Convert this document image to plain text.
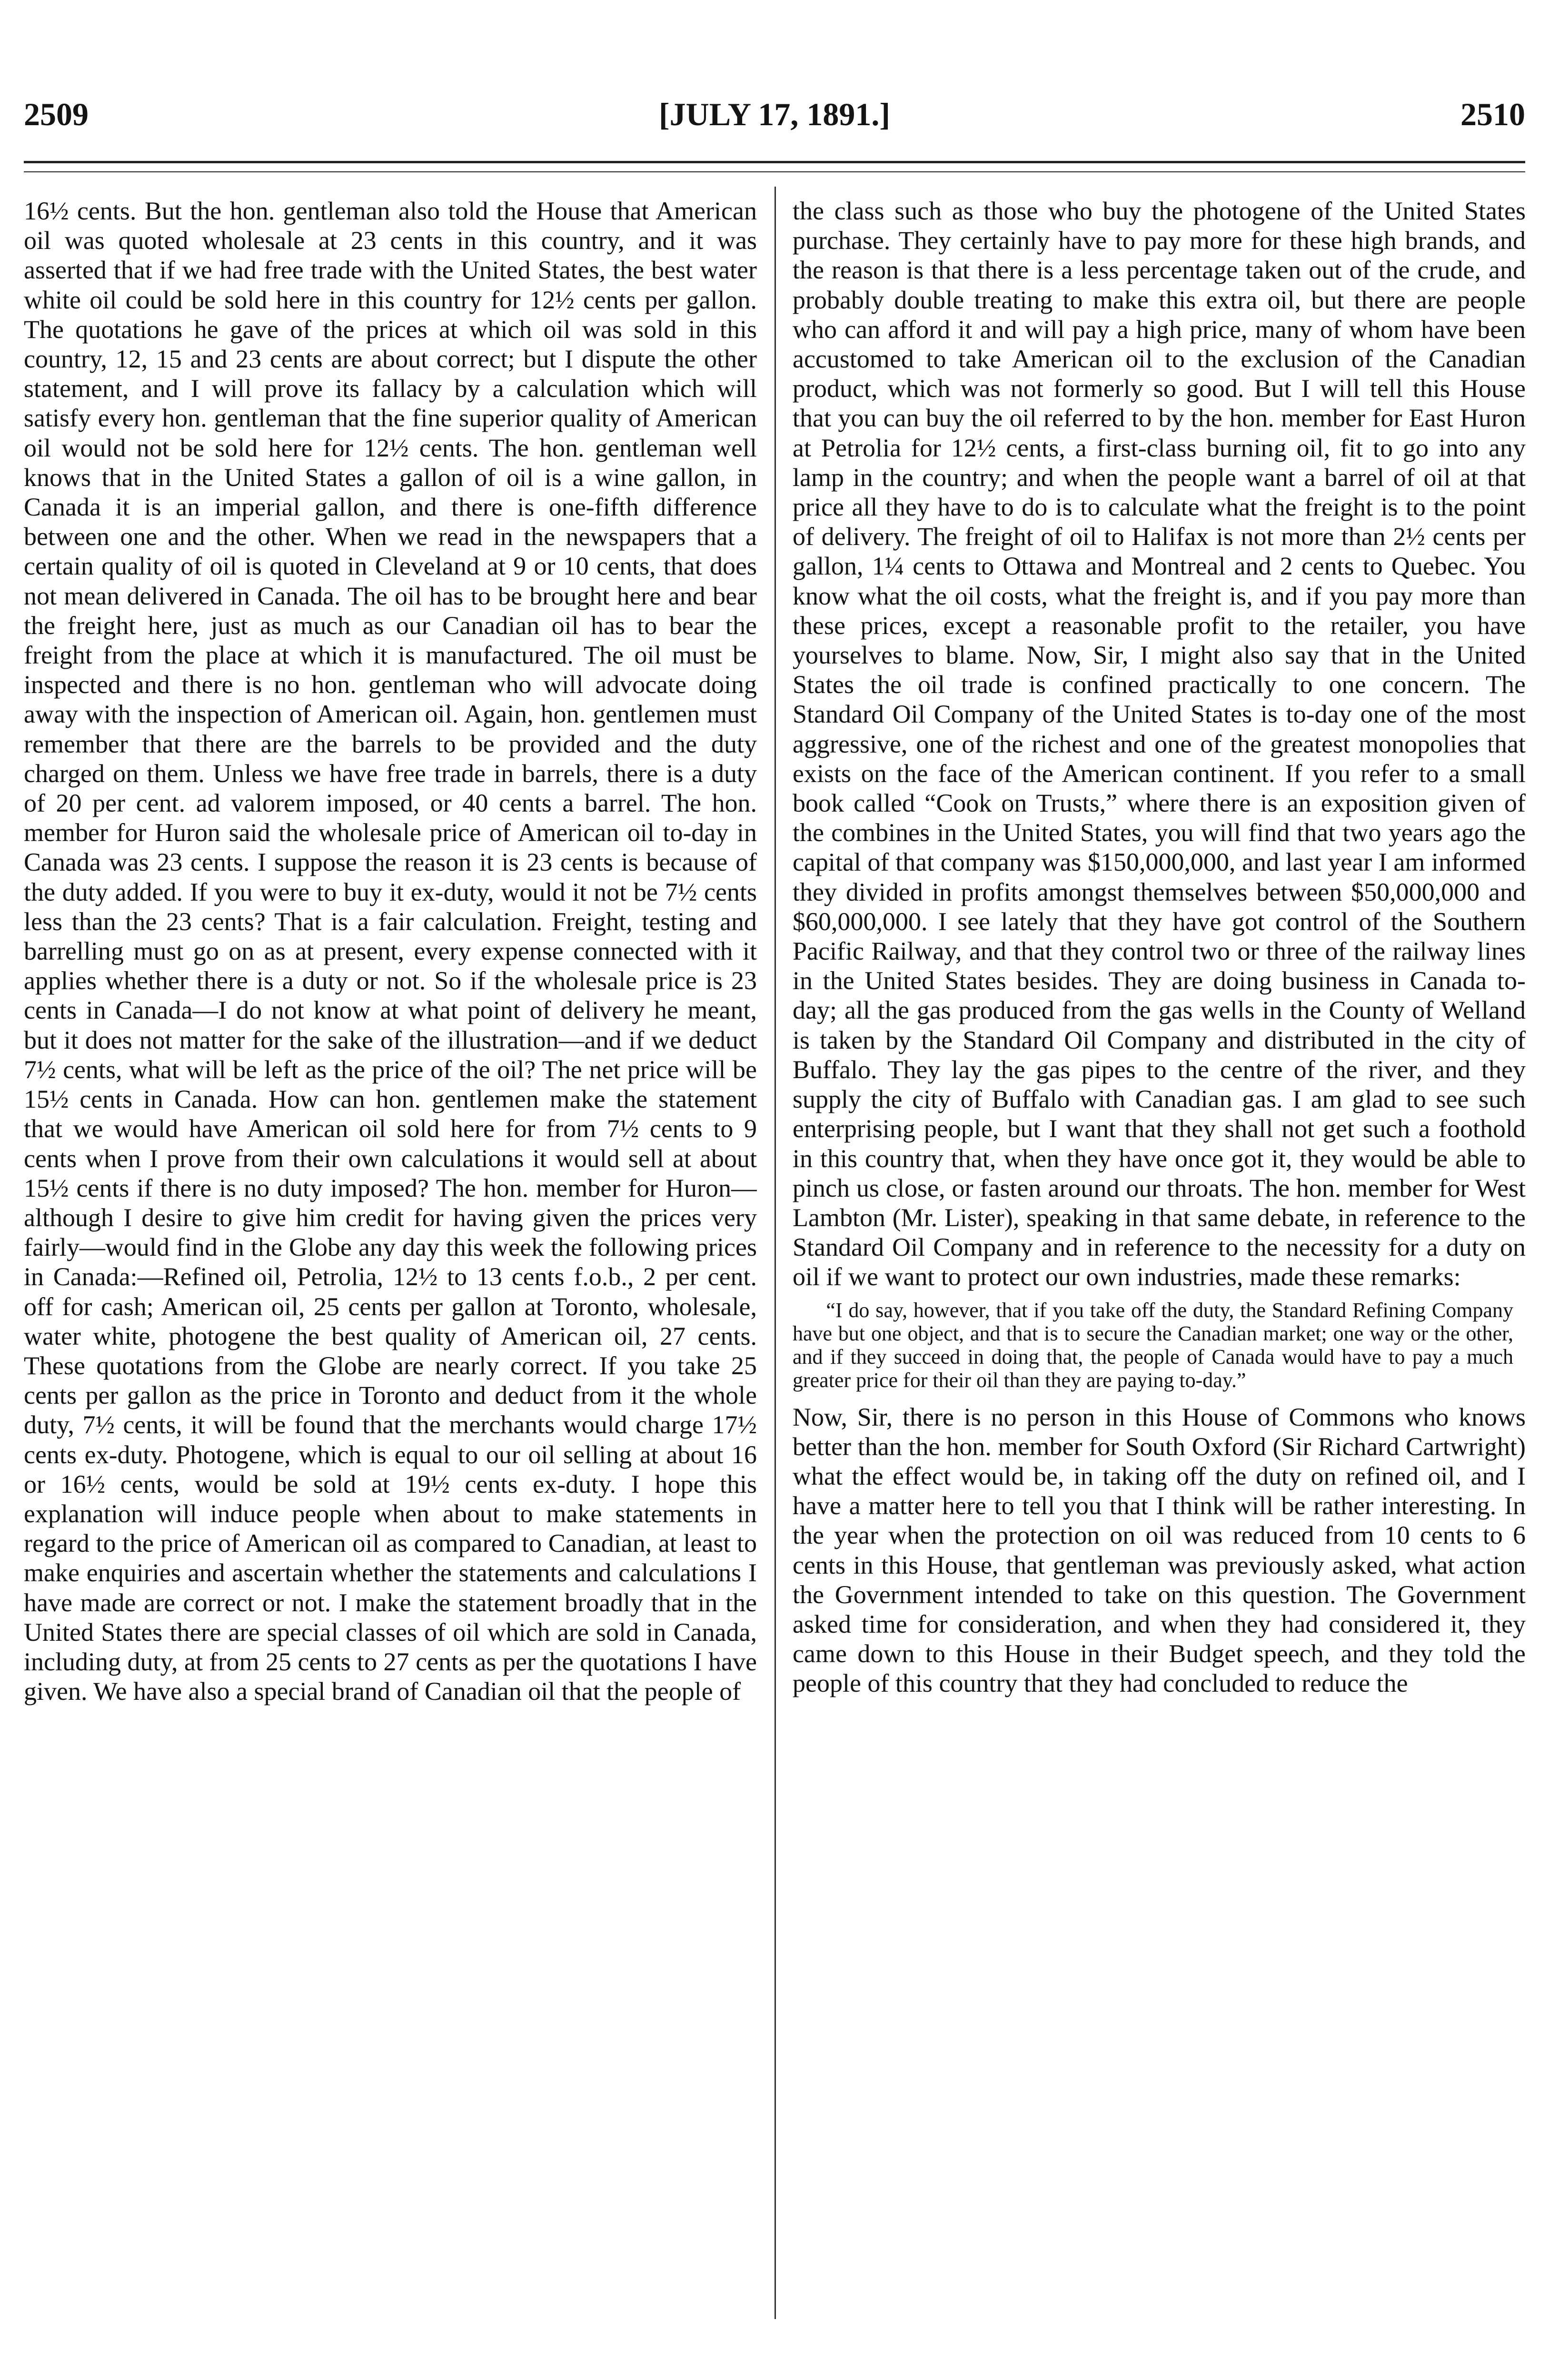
2509	[JULY 17, 1891.]	2510

16½ cents. But the hon. gentleman also told the House that American oil was quoted wholesale at 23 cents in this country, and it was asserted that if we had free trade with the United States, the best water white oil could be sold here in this country for 12½ cents per gallon. The quotations he gave of the prices at which oil was sold in this country, 12, 15 and 23 cents are about correct; but I dispute the other statement, and I will prove its fallacy by a calculation which will satisfy every hon. gentleman that the fine superior quality of American oil would not be sold here for 12½ cents. The hon. gentleman well knows that in the United States a gallon of oil is a wine gallon, in Canada it is an imperial gallon, and there is one-fifth difference between one and the other. When we read in the newspapers that a certain quality of oil is quoted in Cleveland at 9 or 10 cents, that does not mean delivered in Canada. The oil has to be brought here and bear the freight here, just as much as our Canadian oil has to bear the freight from the place at which it is manufactured. The oil must be inspected and there is no hon. gentleman who will advocate doing away with the inspection of American oil. Again, hon. gentlemen must remember that there are the barrels to be provided and the duty charged on them. Unless we have free trade in barrels, there is a duty of 20 per cent. ad valorem imposed, or 40 cents a barrel. The hon. member for Huron said the wholesale price of American oil to-day in Canada was 23 cents. I suppose the reason it is 23 cents is because of the duty added. If you were to buy it ex-duty, would it not be 7½ cents less than the 23 cents? That is a fair calculation. Freight, testing and barrelling must go on as at present, every expense connected with it applies whether there is a duty or not. So if the wholesale price is 23 cents in Canada—I do not know at what point of delivery he meant, but it does not matter for the sake of the illustration—and if we deduct 7½ cents, what will be left as the price of the oil? The net price will be 15½ cents in Canada. How can hon. gentlemen make the statement that we would have American oil sold here for from 7½ cents to 9 cents when I prove from their own calculations it would sell at about 15½ cents if there is no duty imposed? The hon. member for Huron—although I desire to give him credit for having given the prices very fairly—would find in the Globe any day this week the following prices in Canada:—Refined oil, Petrolia, 12½ to 13 cents f.o.b., 2 per cent. off for cash; American oil, 25 cents per gallon at Toronto, wholesale, water white, photogene the best quality of American oil, 27 cents. These quotations from the Globe are nearly correct. If you take 25 cents per gallon as the price in Toronto and deduct from it the whole duty, 7½ cents, it will be found that the merchants would charge 17½ cents ex-duty. Photogene, which is equal to our oil selling at about 16 or 16½ cents, would be sold at 19½ cents ex-duty. I hope this explanation will induce people when about to make statements in regard to the price of American oil as compared to Canadian, at least to make enquiries and ascertain whether the statements and calculations I have made are correct or not. I make the statement broadly that in the United States there are special classes of oil which are sold in Canada, including duty, at from 25 cents to 27 cents as per the quotations I have given. We have also a special brand of Canadian oil that the people of

the class such as those who buy the photogene of the United States purchase. They certainly have to pay more for these high brands, and the reason is that there is a less percentage taken out of the crude, and probably double treating to make this extra oil, but there are people who can afford it and will pay a high price, many of whom have been accustomed to take American oil to the exclusion of the Canadian product, which was not formerly so good. But I will tell this House that you can buy the oil referred to by the hon. member for East Huron at Petrolia for 12½ cents, a first-class burning oil, fit to go into any lamp in the country; and when the people want a barrel of oil at that price all they have to do is to calculate what the freight is to the point of delivery. The freight of oil to Halifax is not more than 2½ cents per gallon, 1¼ cents to Ottawa and Montreal and 2 cents to Quebec. You know what the oil costs, what the freight is, and if you pay more than these prices, except a reasonable profit to the retailer, you have yourselves to blame. Now, Sir, I might also say that in the United States the oil trade is confined practically to one concern. The Standard Oil Company of the United States is to-day one of the most aggressive, one of the richest and one of the greatest monopolies that exists on the face of the American continent. If you refer to a small book called “Cook on Trusts,” where there is an exposition given of the combines in the United States, you will find that two years ago the capital of that company was $150,000,000, and last year I am informed they divided in profits amongst themselves between $50,000,000 and $60,000,000. I see lately that they have got control of the Southern Pacific Railway, and that they control two or three of the railway lines in the United States besides. They are doing business in Canada to-day; all the gas produced from the gas wells in the County of Welland is taken by the Standard Oil Company and distributed in the city of Buffalo. They lay the gas pipes to the centre of the river, and they supply the city of Buffalo with Canadian gas. I am glad to see such enterprising people, but I want that they shall not get such a foothold in this country that, when they have once got it, they would be able to pinch us close, or fasten around our throats. The hon. member for West Lambton (Mr. Lister), speaking in that same debate, in reference to the Standard Oil Company and in reference to the necessity for a duty on oil if we want to protect our own industries, made these remarks:

“I do say, however, that if you take off the duty, the Standard Refining Company have but one object, and that is to secure the Canadian market; one way or the other, and if they succeed in doing that, the people of Canada would have to pay a much greater price for their oil than they are paying to-day.”

Now, Sir, there is no person in this House of Commons who knows better than the hon. member for South Oxford (Sir Richard Cartwright) what the effect would be, in taking off the duty on refined oil, and I have a matter here to tell you that I think will be rather interesting. In the year when the protection on oil was reduced from 10 cents to 6 cents in this House, that gentleman was previously asked, what action the Government intended to take on this question. The Government asked time for consideration, and when they had considered it, they came down to this House in their Budget speech, and they told the people of this country that they had concluded to reduce the
